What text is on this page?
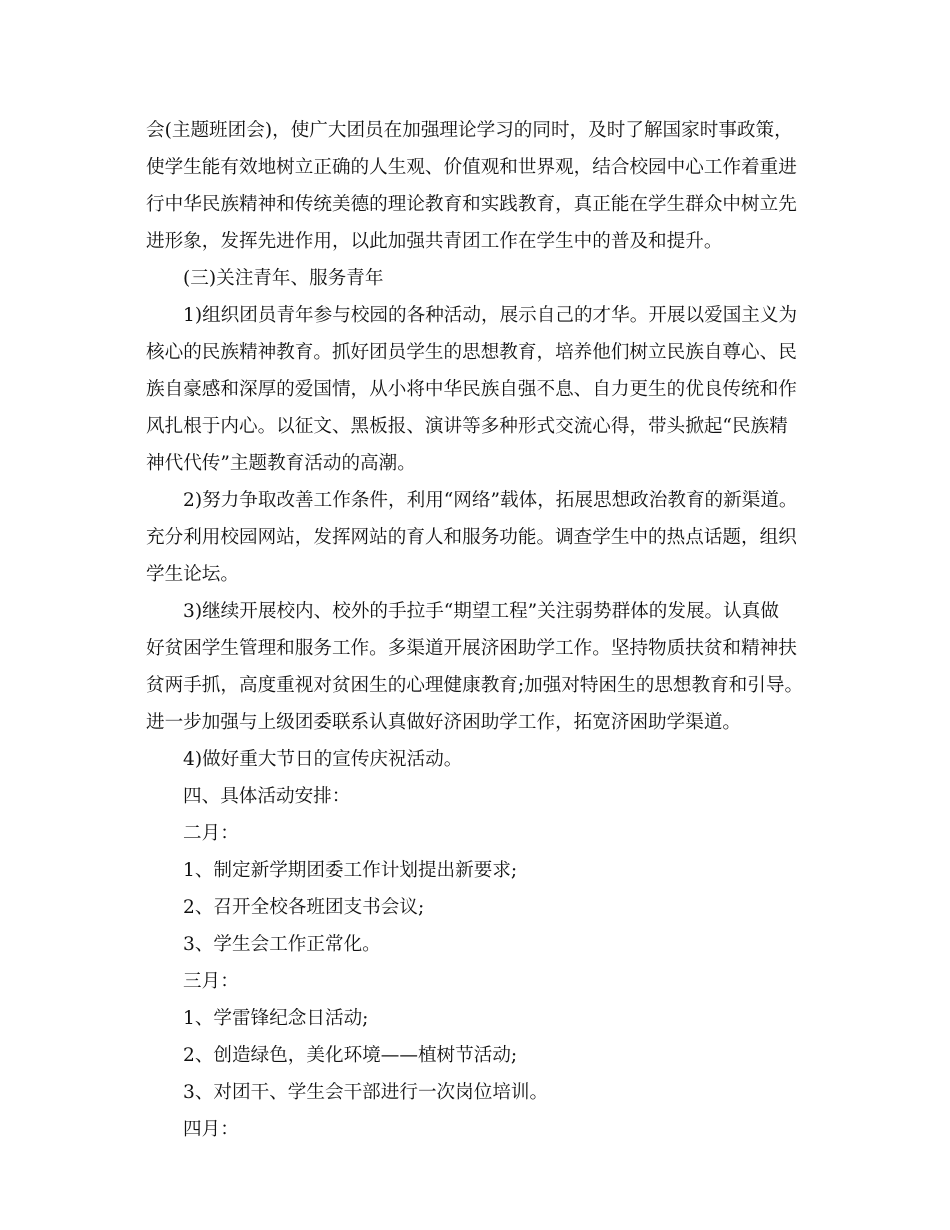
会(主题班团会)，使广大团员在加强理论学习的同时，及时了解国家时事政策，
使学生能有效地树立正确的人生观、价值观和世界观，结合校园中心工作着重进
行中华民族精神和传统美德的理论教育和实践教育，真正能在学生群众中树立先
进形象，发挥先进作用，以此加强共青团工作在学生中的普及和提升。
(三)关注青年、服务青年
1)组织团员青年参与校园的各种活动，展示自己的才华。开展以爱国主义为
核心的民族精神教育。抓好团员学生的思想教育，培养他们树立民族自尊心、民
族自豪感和深厚的爱国情，从小将中华民族自强不息、自力更生的优良传统和作
风扎根于内心。以征文、黑板报、演讲等多种形式交流心得，带头掀起“民族精
神代代传”主题教育活动的高潮。
2)努力争取改善工作条件，利用“网络”载体，拓展思想政治教育的新渠道。
充分利用校园网站，发挥网站的育人和服务功能。调查学生中的热点话题，组织
学生论坛。
3)继续开展校内、校外的手拉手“期望工程”关注弱势群体的发展。认真做
好贫困学生管理和服务工作。多渠道开展济困助学工作。坚持物质扶贫和精神扶
贫两手抓，高度重视对贫困生的心理健康教育;加强对特困生的思想教育和引导。
进一步加强与上级团委联系认真做好济困助学工作，拓宽济困助学渠道。
4)做好重大节日的宣传庆祝活动。
四、具体活动安排：
二月：
1、制定新学期团委工作计划提出新要求;
2、召开全校各班团支书会议;
3、学生会工作正常化。
三月：
1、学雷锋纪念日活动;
2、创造绿色，美化环境——植树节活动;
3、对团干、学生会干部进行一次岗位培训。
四月：
